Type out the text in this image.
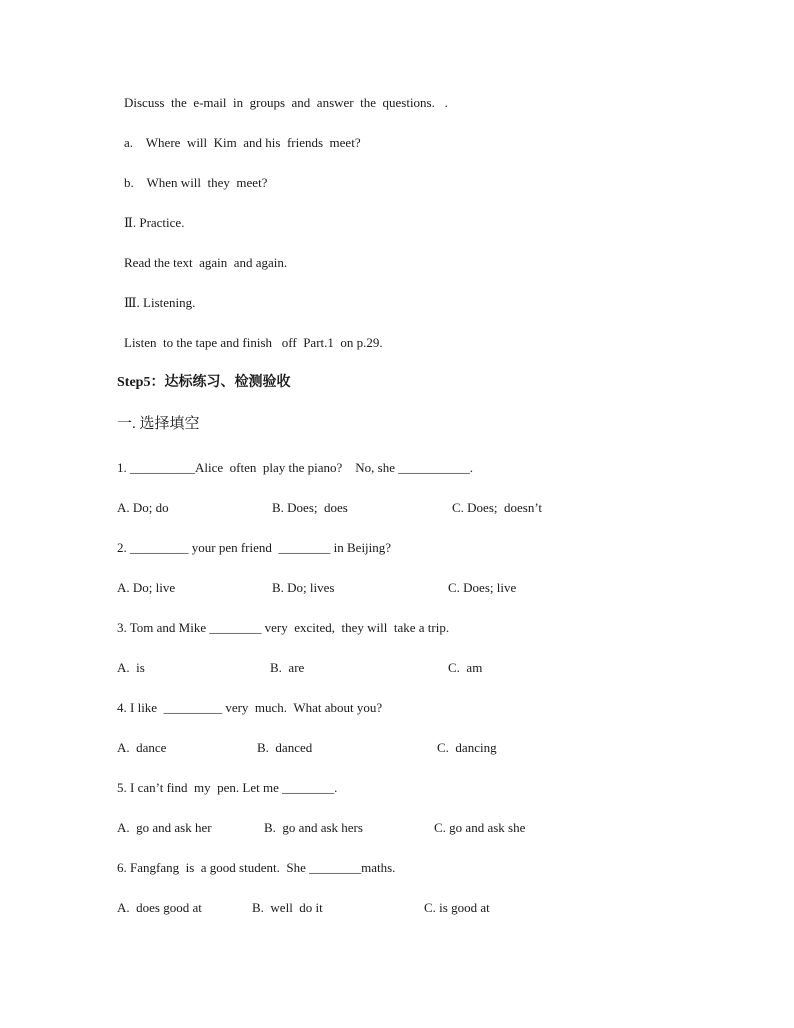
Discuss  the  e-mail  in  groups  and  answer  the  questions.   .
a.    Where  will  Kim  and his  friends  meet?
b.    When will  they  meet?
Ⅱ. Practice.
Read the text  again  and again.
Ⅲ. Listening.
Listen  to the tape and finish   off  Part.1  on p.29.
Step5：达标练习、检测验收
一. 选择填空
1. __________Alice  often  play the piano?    No, she ___________.
A. Do; do	B. Does;  does	C. Does;  doesn’t
2. _________ your pen friend  ________ in Beijing?
A. Do; live	B. Do; lives	C. Does; live
3. Tom and Mike ________ very  excited,  they will  take a trip.
A.  is	B.  are	C.  am
4. I like  _________ very  much.  What about you?
A.  dance	B.  danced	C.  dancing
5. I can’t find  my  pen. Let me ________.
A.  go and ask her	B.  go and ask hers	C. go and ask she
6. Fangfang  is  a good student.  She ________maths.
A.  does good at	B.  well  do it	C. is good at
